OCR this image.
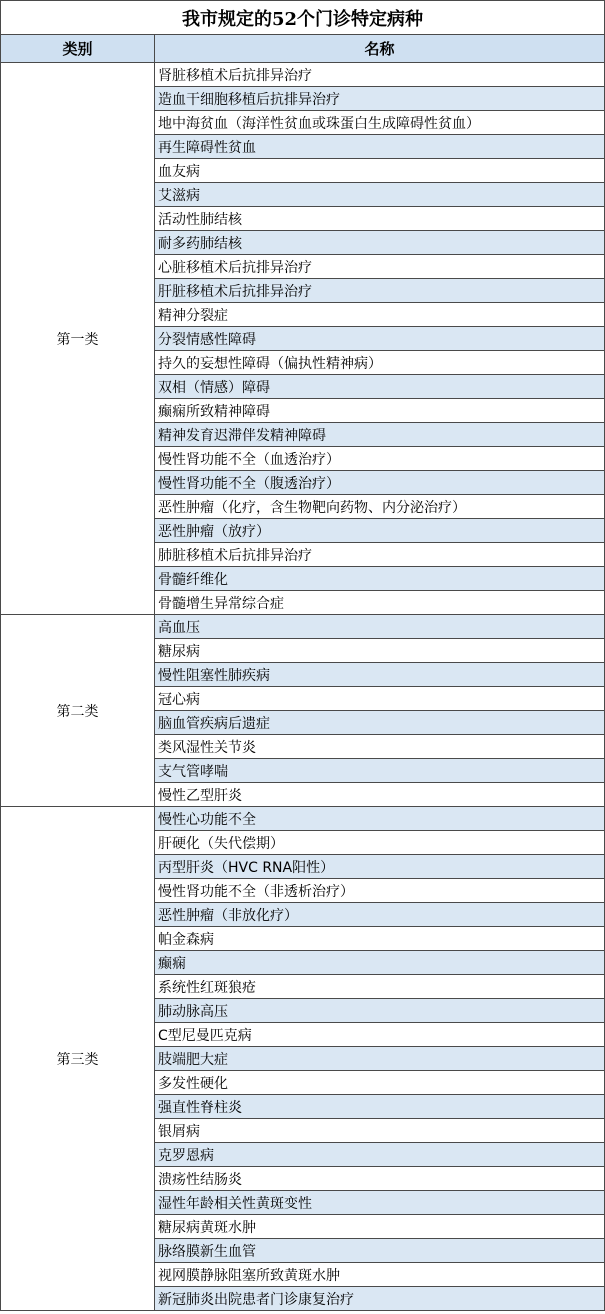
我市规定的52个门诊特定病种	
类别	名称
第一类	肾脏移植术后抗排异治疗
	造血干细胞移植后抗排异治疗
	地中海贫血（海洋性贫血或珠蛋白生成障碍性贫血）
	再生障碍性贫血
	血友病
	艾滋病
	活动性肺结核
	耐多药肺结核
	心脏移植术后抗排异治疗
	肝脏移植术后抗排异治疗
	精神分裂症
	分裂情感性障碍
	持久的妄想性障碍（偏执性精神病）
	双相（情感）障碍
	癫痫所致精神障碍
	精神发育迟滞伴发精神障碍
	慢性肾功能不全（血透治疗）
	慢性肾功能不全（腹透治疗）
	恶性肿瘤（化疗，含生物靶向药物、内分泌治疗）
	恶性肿瘤（放疗）
	肺脏移植术后抗排异治疗
	骨髓纤维化
	骨髓增生异常综合症
第二类	高血压
	糖尿病
	慢性阻塞性肺疾病
	冠心病
	脑血管疾病后遗症
	类风湿性关节炎
	支气管哮喘
	慢性乙型肝炎
第三类	慢性心功能不全
	肝硬化（失代偿期）
	丙型肝炎（HVC RNA阳性）
	慢性肾功能不全（非透析治疗）
	恶性肿瘤（非放化疗）
	帕金森病
	癫痫
	系统性红斑狼疮
	肺动脉高压
	C型尼曼匹克病
	肢端肥大症
	多发性硬化
	强直性脊柱炎
	银屑病
	克罗恩病
	溃疡性结肠炎
	湿性年龄相关性黄斑变性
	糖尿病黄斑水肿
	脉络膜新生血管
	视网膜静脉阻塞所致黄斑水肿
	新冠肺炎出院患者门诊康复治疗
